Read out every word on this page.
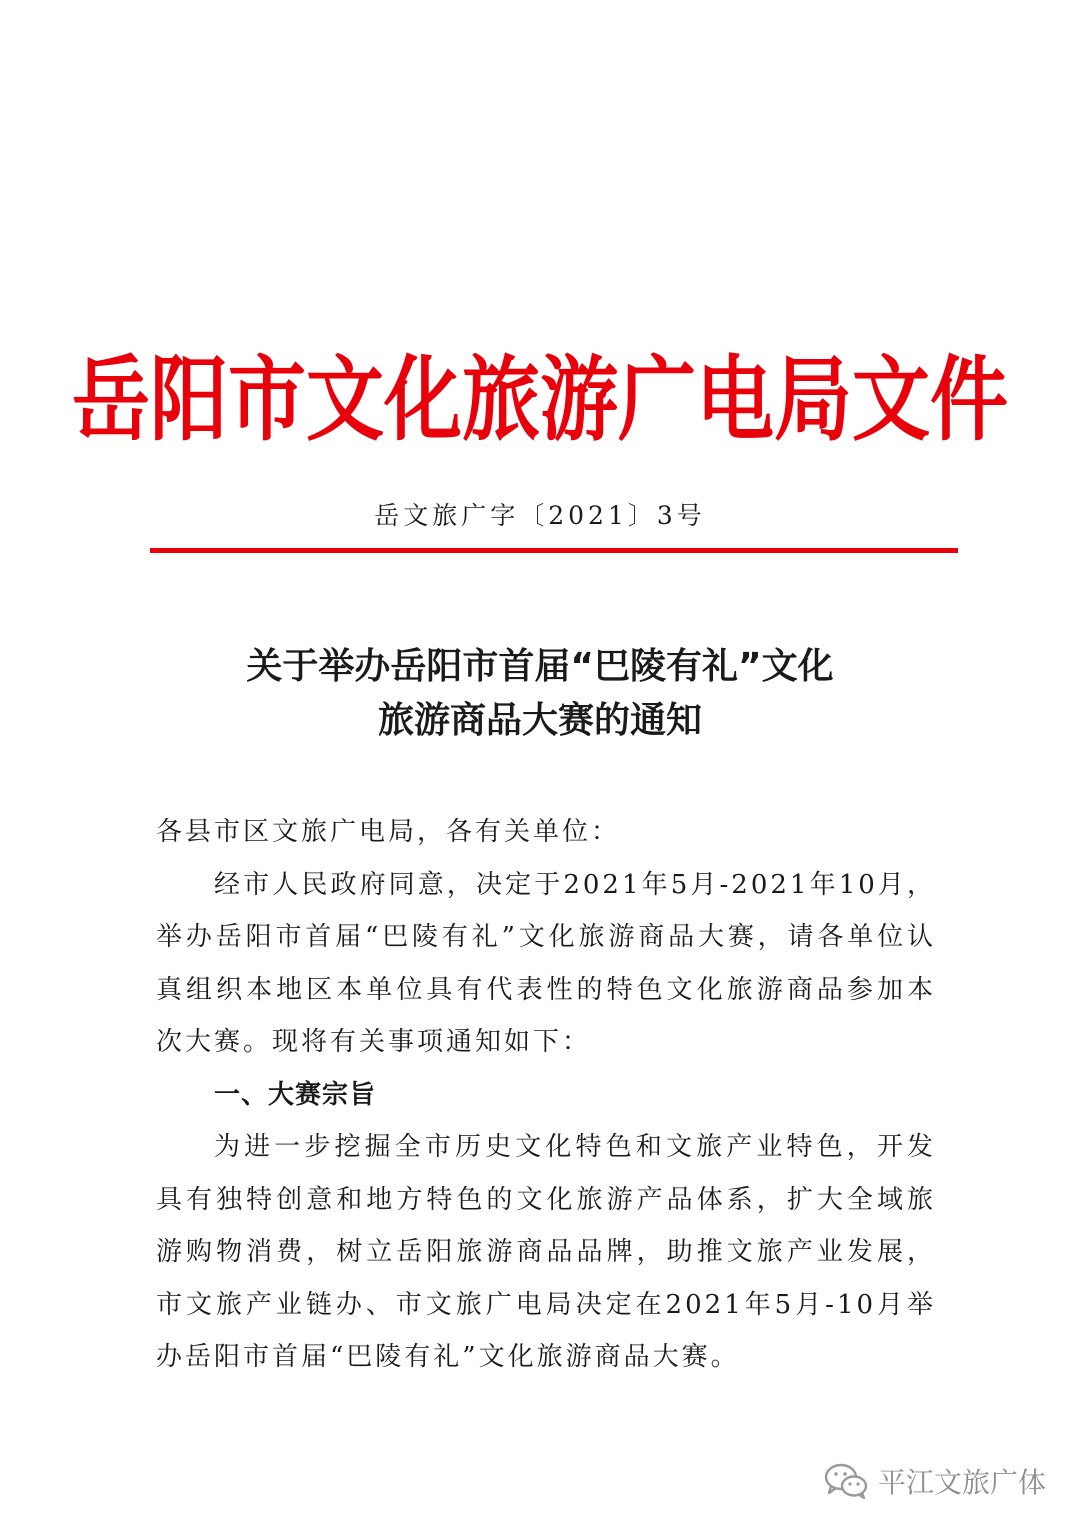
岳阳市文化旅游广电局文件
岳文旅广字〔2021〕3号
关于举办岳阳市首届“巴陵有礼”文化
旅游商品大赛的通知

各县市区文旅广电局，各有关单位：

经市人民政府同意，决定于2021年5月-2021年10月，举办岳阳市首届“巴陵有礼”文化旅游商品大赛，请各单位认真组织本地区本单位具有代表性的特色文化旅游商品参加本次大赛。现将有关事项通知如下：

一、大赛宗旨

为进一步挖掘全市历史文化特色和文旅产业特色，开发具有独特创意和地方特色的文化旅游产品体系，扩大全域旅游购物消费，树立岳阳旅游商品品牌，助推文旅产业发展，市文旅产业链办、市文旅广电局决定在2021年5月-10月举办岳阳市首届“巴陵有礼”文化旅游商品大赛。

平江文旅广体
